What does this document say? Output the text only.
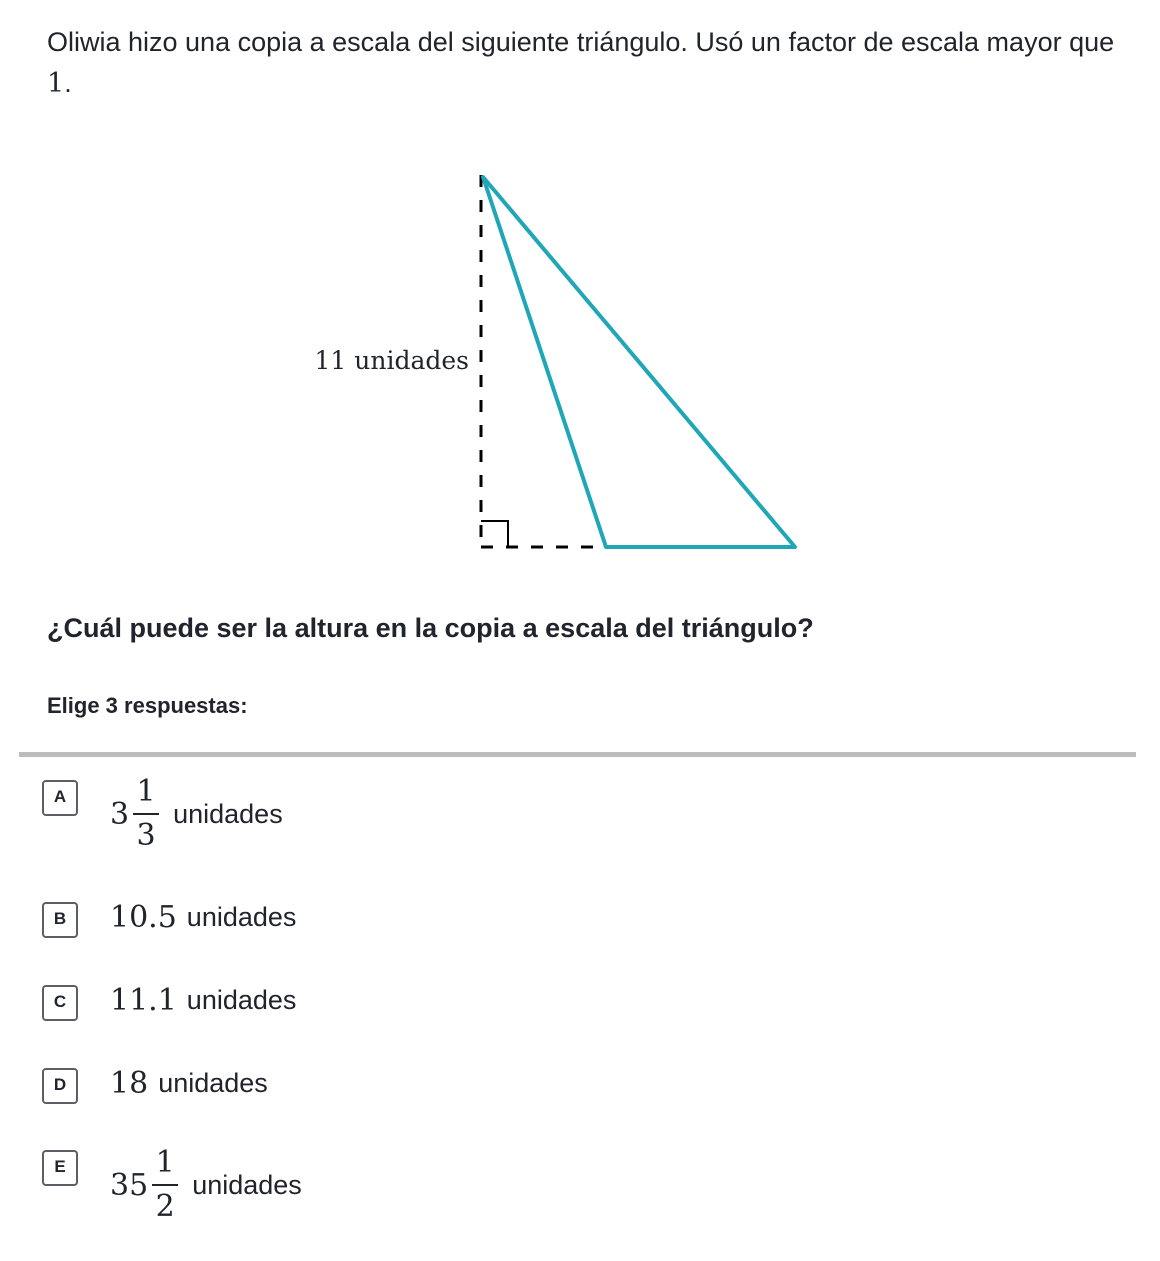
Oliwia hizo una copia a escala del siguiente triángulo. Usó un factor de escala mayor que 1.

11 unidades

¿Cuál puede ser la altura en la copia a escala del triángulo?

Elige 3 respuestas:

A	$3 \frac{1}{3}$ unidades
B	10.5 unidades
C	11.1 unidades
D	18 unidades
E
$35 \frac{1}{2}$ unidades
